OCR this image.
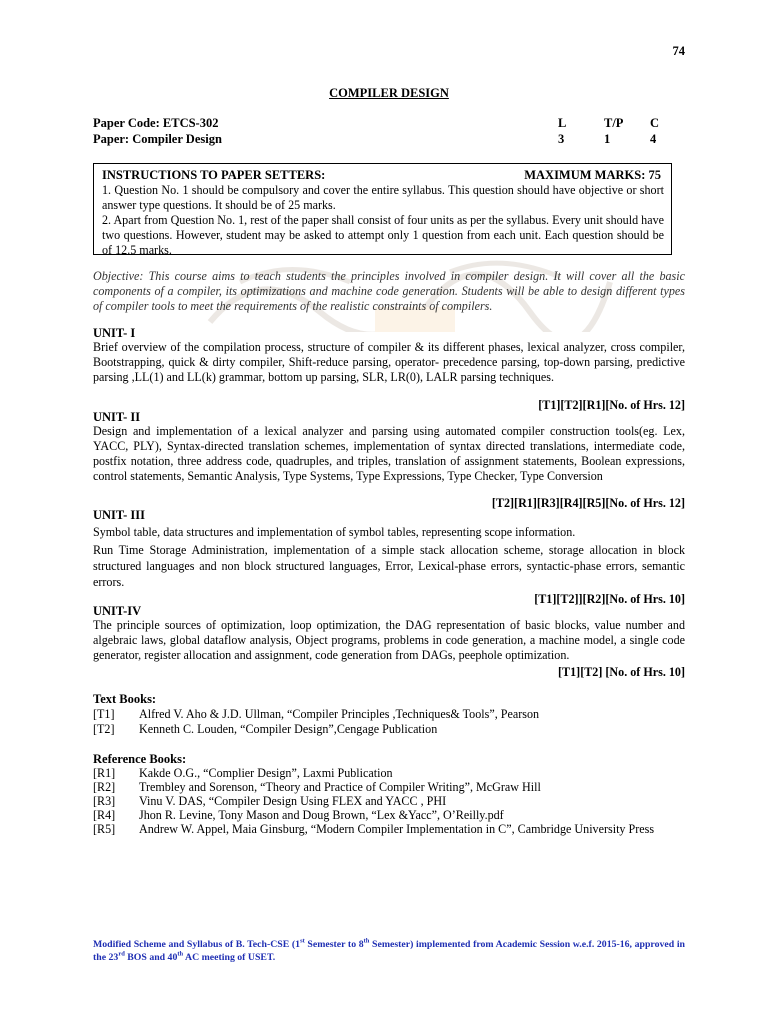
74
COMPILER DESIGN
Paper Code: ETCS-302	L	T/P C
Paper: Compiler Design	3	1	4
INSTRUCTIONS TO PAPER SETTERS:	MAXIMUM MARKS: 75

1. Question No. 1 should be compulsory and cover the entire syllabus. This question should have objective or short answer type questions. It should be of 25 marks.

2. Apart from Question No. 1, rest of the paper shall consist of four units as per the syllabus. Every unit should have two questions. However, student may be asked to attempt only 1 question from each unit. Each question should be of 12.5 marks.

Objective: This course aims to teach students the principles involved in compiler design. It will cover all the basic components of a compiler, its optimizations and machine code generation. Students will be able to design different types of compiler tools to meet the requirements of the realistic constraints of compilers.
UNIT- I
Brief overview of the compilation process, structure of compiler & its different phases, lexical analyzer, cross compiler, Bootstrapping, quick & dirty compiler, Shift-reduce parsing, operator- precedence parsing, top-down parsing, predictive parsing ,LL(1) and LL(k) grammar, bottom up parsing, SLR, LR(0), LALR parsing techniques.
[T1][T2][R1][No. of Hrs. 12]
UNIT- II
Design and implementation of a lexical analyzer and parsing using automated compiler construction tools(eg. Lex, YACC, PLY), Syntax-directed translation schemes, implementation of syntax directed translations, intermediate code, postfix notation, three address code, quadruples, and triples, translation of assignment statements, Boolean expressions, control statements, Semantic Analysis, Type Systems, Type Expressions, Type Checker, Type Conversion
[T2][R1][R3][R4][R5][No. of Hrs. 12]
UNIT- III
Symbol table, data structures and implementation of symbol tables, representing scope information.
Run Time Storage Administration, implementation of a simple stack allocation scheme, storage allocation in block structured languages and non block structured languages, Error, Lexical-phase errors, syntactic-phase errors, semantic errors.
[T1][T2]][R2][No. of Hrs. 10]
UNIT-IV
The principle sources of optimization, loop optimization, the DAG representation of basic blocks, value number and algebraic laws, global dataflow analysis, Object programs, problems in code generation, a machine model, a single code generator, register allocation and assignment, code generation from DAGs, peephole optimization.
[T1][T2] [No. of Hrs. 10]
Text Books:
[T1] Alfred V. Aho & J.D. Ullman, “Compiler Principles ,Techniques& Tools”, Pearson
[T2] Kenneth C. Louden, “Compiler Design”,Cengage Publication
Reference Books:
[R1] Kakde O.G., “Complier Design”, Laxmi Publication
[R2] Trembley and Sorenson, “Theory and Practice of Compiler Writing”, McGraw Hill
[R3] Vinu V. DAS, “Compiler Design Using FLEX and YACC , PHI
[R4] Jhon R. Levine, Tony Mason and Doug Brown, “Lex &Yacc”, O’Reilly.pdf
[R5] Andrew W. Appel, Maia Ginsburg, “Modern Compiler Implementation in C”, Cambridge University Press
Modified Scheme and Syllabus of B. Tech-CSE (1st Semester to 8th Semester) implemented from Academic Session w.e.f. 2015-16, approved in the 23rd BOS and 40th AC meeting of USET.
